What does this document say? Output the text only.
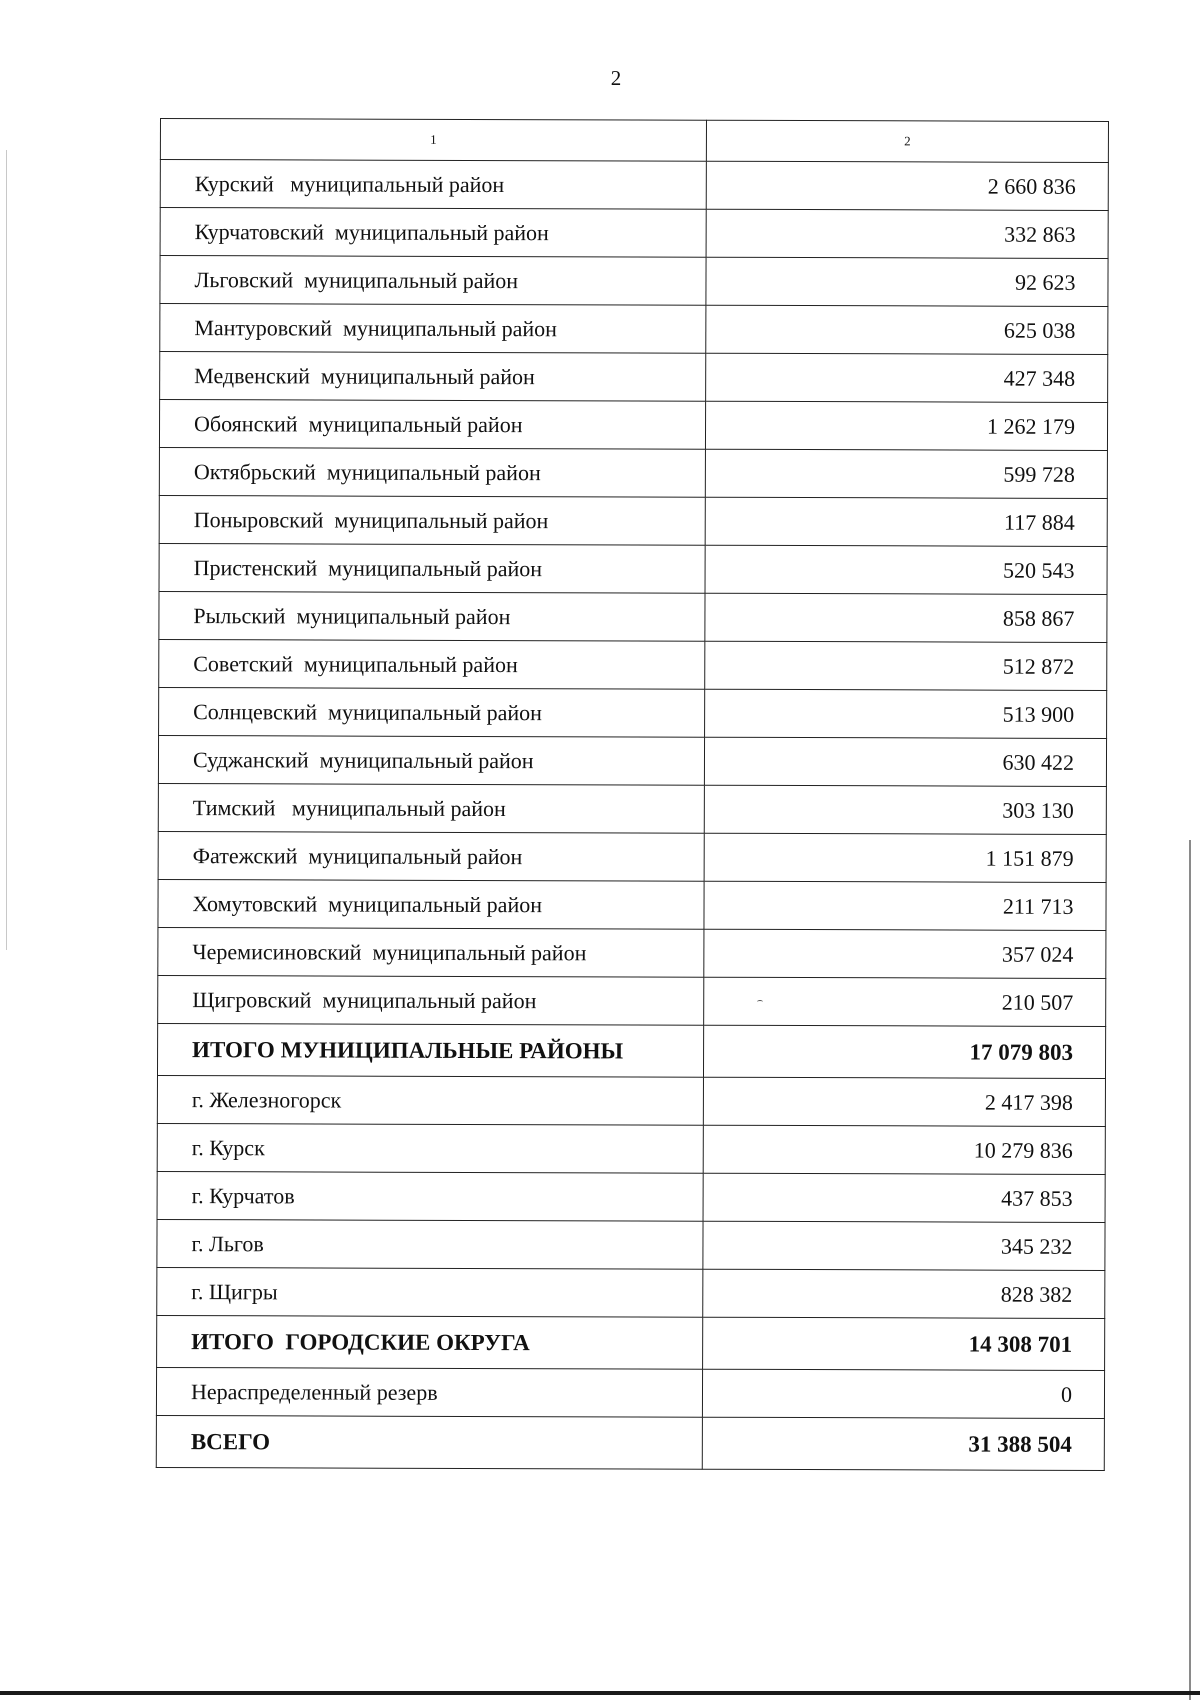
2
1	2
Курский   муниципальный район	2 660 836
Курчатовский  муниципальный район	332 863
Льговский  муниципальный район	92 623
Мантуровский  муниципальный район	625 038
Медвенский  муниципальный район	427 348
Обоянский  муниципальный район	1 262 179
Октябрьский  муниципальный район	599 728
Поныровский  муниципальный район	117 884
Пристенский  муниципальный район	520 543
Рыльский  муниципальный район	858 867
Советский  муниципальный район	512 872
Солнцевский  муниципальный район	513 900
Суджанский  муниципальный район	630 422
Тимский   муниципальный район	303 130
Фатежский  муниципальный район	1 151 879
Хомутовский  муниципальный район	211 713
Черемисиновский  муниципальный район	357 024
Щигровский  муниципальный район	210 507
ИТОГО МУНИЦИПАЛЬНЫЕ РАЙОНЫ	17 079 803
г. Железногорск	2 417 398
г. Курск	10 279 836
г. Курчатов	437 853
г. Льгов	345 232
г. Щигры	828 382
ИТОГО  ГОРОДСКИЕ ОКРУГА	14 308 701
Нераспределенный резерв	0
ВСЕГО	31 388 504
